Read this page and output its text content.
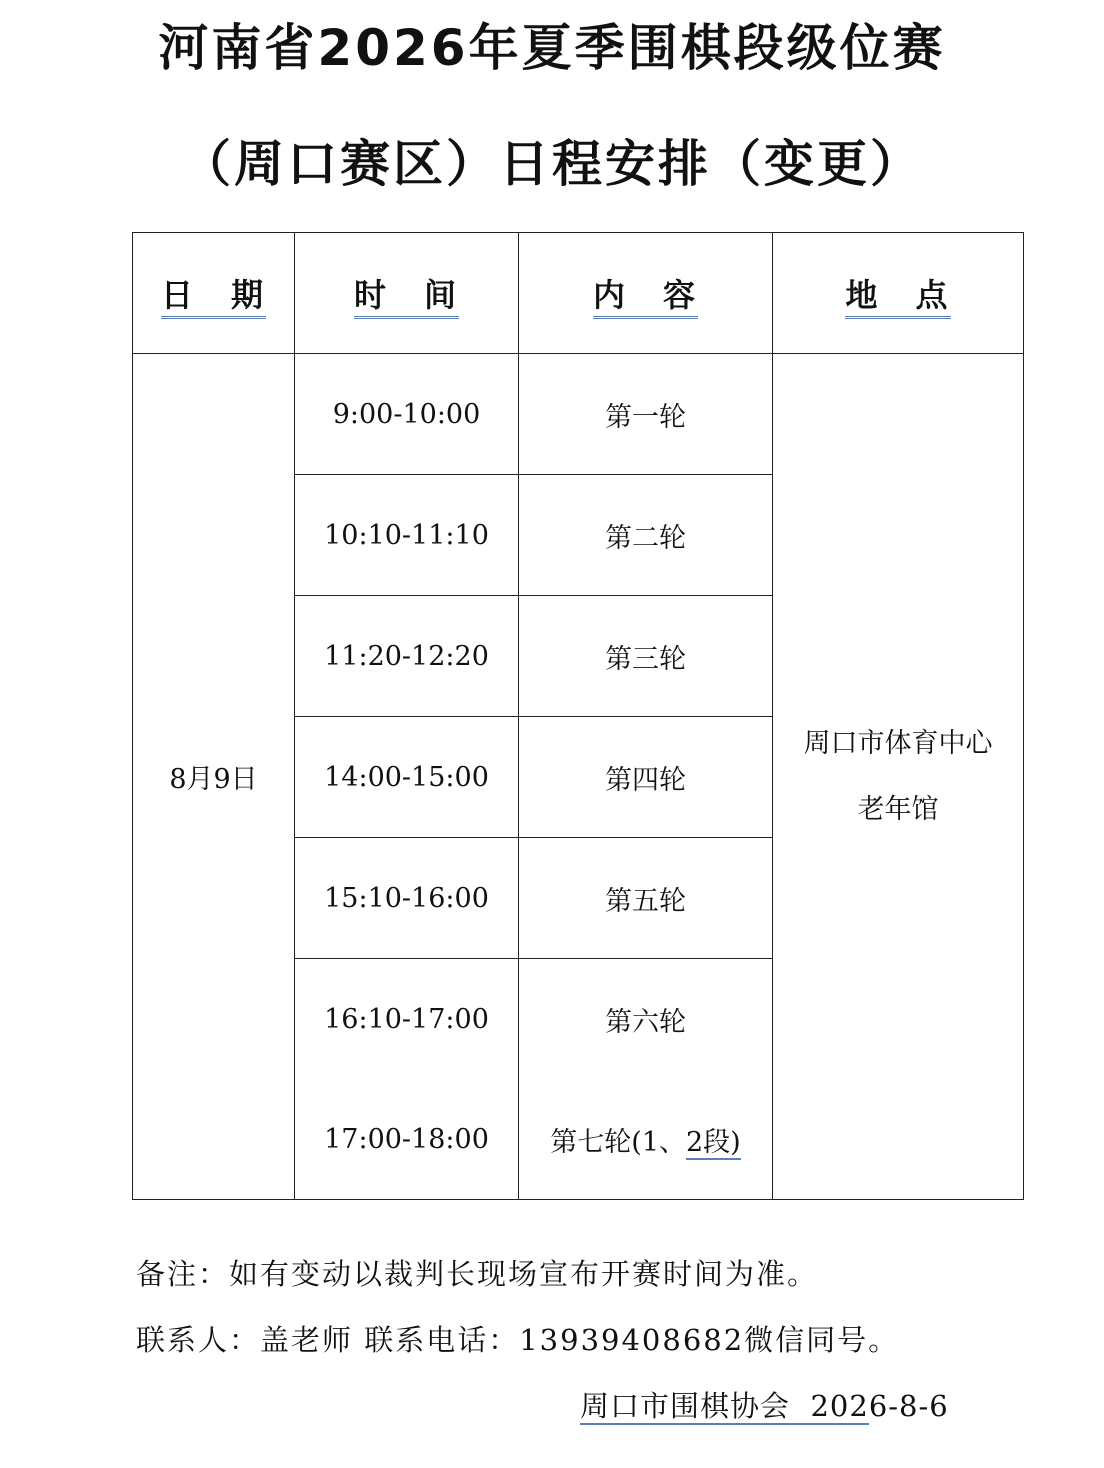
河南省2026年夏季围棋段级位赛
（周口赛区）日程安排（变更）
日　期	时　间	内　容	地　点
8月9日	9:00-10:00	第一轮	周口市体育中心
老年馆

	10:10-11:10	第二轮	
	11:20-12:20	第三轮	
	14:00-15:00	第四轮	
	15:10-16:00	第五轮	
	16:10-17:00	第六轮	
	17:00-18:00	第七轮(1、2段)	
备注：如有变动以裁判长现场宣布开赛时间为准。
联系人：盖老师 联系电话：13939408682微信同号。
周口市围棋协会  2026-8-6
